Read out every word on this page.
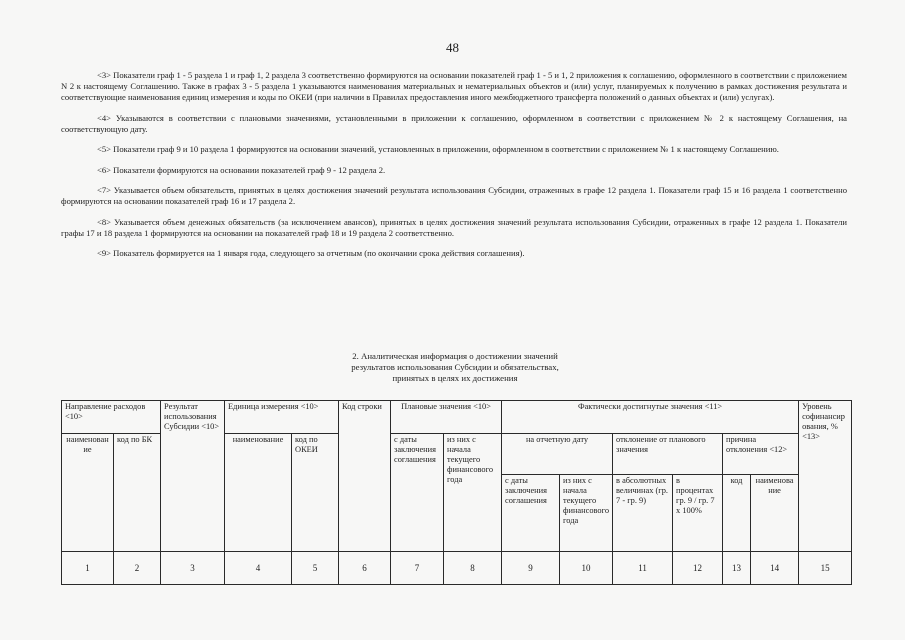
48

<3> Показатели граф 1 - 5 раздела 1 и граф 1, 2 раздела 3 соответственно формируются на основании показателей граф 1 - 5 и 1, 2 приложения к соглашению, оформленного в соответствии с приложением N 2 к настоящему Соглашению. Также в графах 3 - 5 раздела 1 указываются наименования материальных и нематериальных объектов и (или) услуг, планируемых к получению в рамках достижения результата и соответствующие наименования единиц измерения и коды по ОКЕИ (при наличии в Правилах предоставления иного межбюджетного трансферта положений о данных объектах и (или) услугах).

<4> Указываются в соответствии с плановыми значениями, установленными в приложении к соглашению, оформленном в соответствии с приложением № 2 к настоящему Соглашения, на соответствующую дату.

<5> Показатели граф 9 и 10 раздела 1 формируются на основании значений, установленных в приложении, оформленном в соответствии с приложением № 1 к настоящему Соглашению.

<6> Показатели формируются на основании показателей граф 9 - 12 раздела 2.

<7> Указывается объем обязательств, принятых в целях достижения значений результата использования Субсидии, отраженных в графе 12 раздела 1. Показатели граф 15 и 16 раздела 1 соответственно формируются на основании показателей граф 16 и 17 раздела 2.

<8> Указывается объем денежных обязательств (за исключением авансов), принятых в целях достижения значений результата использования Субсидии, отраженных в графе 12 раздела 1. Показатели графы 17 и 18 раздела 1 формируются на основании на показателей граф 18 и 19 раздела 2 соответственно.

<9> Показатель формируется на 1 января года, следующего за отчетным (по окончании срока действия соглашения).

2. Аналитическая информация о достижении значений
результатов использования Субсидии и обязательствах,
принятых в целях их достижения
Направление расходов <10>		Результат использования Субсидии <10>	Единица измерения <10>		Код строки	Плановые значения <10>		Фактически достигнутые значения <11>						Уровень софинансирования, % <13>
наименование	код по БК		наименование	код по ОКЕИ		с даты заключения соглашения	из них с начала текущего финансового года	на отчетную дату		отклонение от планового значения		причина отклонения <12>		
								с даты заключения соглашения	из них с начала текущего финансового года	в абсолютных величинах (гр. 7 - гр. 9)	в процентах гр. 9 / гр. 7 x 100%	код	наименование	
1	2	3	4	5	6	7	8	9	10	11	12	13	14	15
